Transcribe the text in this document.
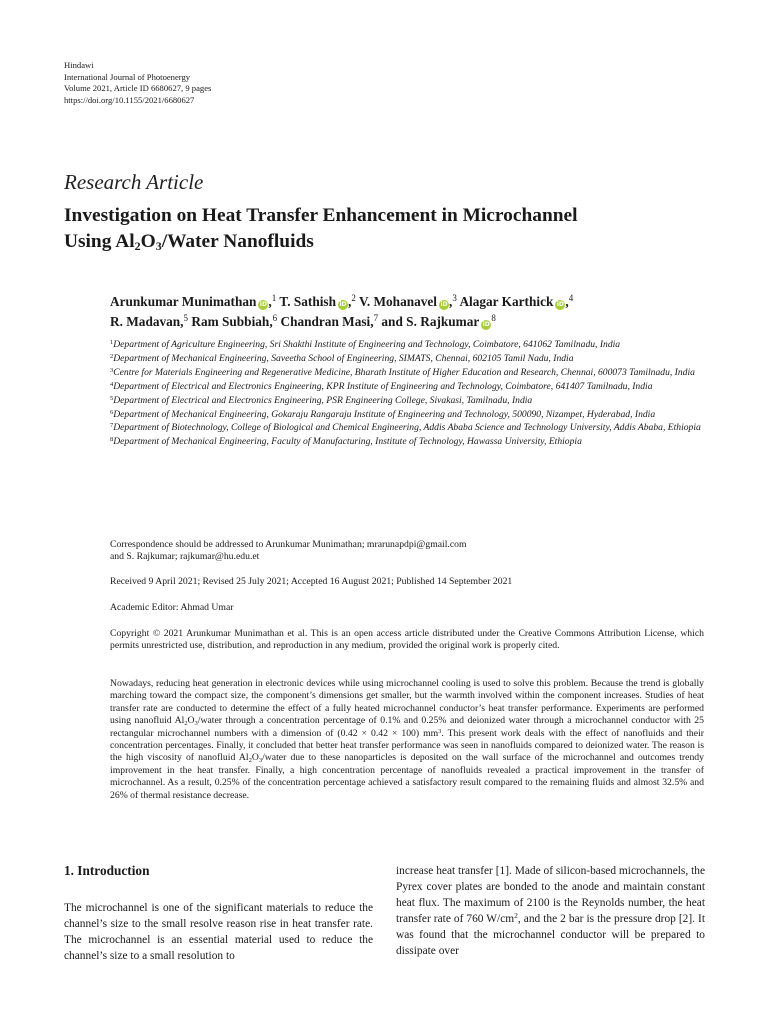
Hindawi
International Journal of Photoenergy
Volume 2021, Article ID 6680627, 9 pages
https://doi.org/10.1155/2021/6680627
Research Article
Investigation on Heat Transfer Enhancement in Microchannel
Using $Al_2O_3$/Water Nanofluids
Arunkumar Munimathan iD,$^1$ T. Sathish iD,$^2$ V. Mohanavel iD,$^3$ Alagar Karthick iD,$^4$
R. Madavan,$^5$ Ram Subbiah,$^6$ Chandran Masi,$^7$ and S. Rajkumar $iD^8$

$^1$Department of Agriculture Engineering, Sri Shakthi Institute of Engineering and Technology, Coimbatore, 641062 Tamilnadu, India

$^2$Department of Mechanical Engineering, Saveetha School of Engineering, SIMATS, Chennai, 602105 Tamil Nadu, India

$^3$Centre for Materials Engineering and Regenerative Medicine, Bharath Institute of Higher Education and Research, Chennai, 600073 Tamilnadu, India

$^4$Department of Electrical and Electronics Engineering, KPR Institute of Engineering and Technology, Coimbatore, 641407 Tamilnadu, India

$^5$Department of Electrical and Electronics Engineering, PSR Engineering College, Sivakasi, Tamilnadu, India

$^6$Department of Mechanical Engineering, Gokaraju Rangaraju Institute of Engineering and Technology, 500090, Nizampet, Hyderabad, India

$^7$Department of Biotechnology, College of Biological and Chemical Engineering, Addis Ababa Science and Technology University, Addis Ababa, Ethiopia

$^8$Department of Mechanical Engineering, Faculty of Manufacturing, Institute of Technology, Hawassa University, Ethiopia

Correspondence should be addressed to Arunkumar Munimathan; mrarunapdpi@gmail.com
and S. Rajkumar; rajkumar@hu.edu.et
Received 9 April 2021; Revised 25 July 2021; Accepted 16 August 2021; Published 14 September 2021
Academic Editor: Ahmad Umar
Copyright © 2021 Arunkumar Munimathan et al. This is an open access article distributed under the Creative Commons Attribution License, which permits unrestricted use, distribution, and reproduction in any medium, provided the original work is properly cited.
Nowadays, reducing heat generation in electronic devices while using microchannel cooling is used to solve this problem. Because the trend is globally marching toward the compact size, the component’s dimensions get smaller, but the warmth involved within the component increases. Studies of heat transfer rate are conducted to determine the effect of a fully heated microchannel conductor’s heat transfer performance. Experiments are performed using nanofluid $Al_2O_3$/water through a concentration percentage of 0.1% and 0.25% and deionized water through a microchannel conductor with 25 rectangular microchannel numbers with a dimension of (0.42 × 0.42 × 100) $mm^3$. This present work deals with the effect of nanofluids and their concentration percentages. Finally, it concluded that better heat transfer performance was seen in nanofluids compared to deionized water. The reason is the high viscosity of nanofluid $Al_2O_3$/water due to these nanoparticles is deposited on the wall surface of the microchannel and outcomes trendy improvement in the heat transfer. Finally, a high concentration percentage of nanofluids revealed a practical improvement in the transfer of microchannel. As a result, 0.25% of the concentration percentage achieved a satisfactory result compared to the remaining fluids and almost 32.5% and 26% of thermal resistance decrease.
1. Introduction

The microchannel is one of the significant materials to reduce the channel’s size to the small resolve reason rise in heat transfer rate. The microchannel is an essential material used to reduce the channel’s size to a small resolution to

increase heat transfer [1]. Made of silicon-based microchannels, the Pyrex cover plates are bonded to the anode and maintain constant heat flux. The maximum of 2100 is the Reynolds number, the heat transfer rate of 760 $W/cm^2$, and the 2 bar is the pressure drop [2]. It was found that the microchannel conductor will be prepared to dissipate over
